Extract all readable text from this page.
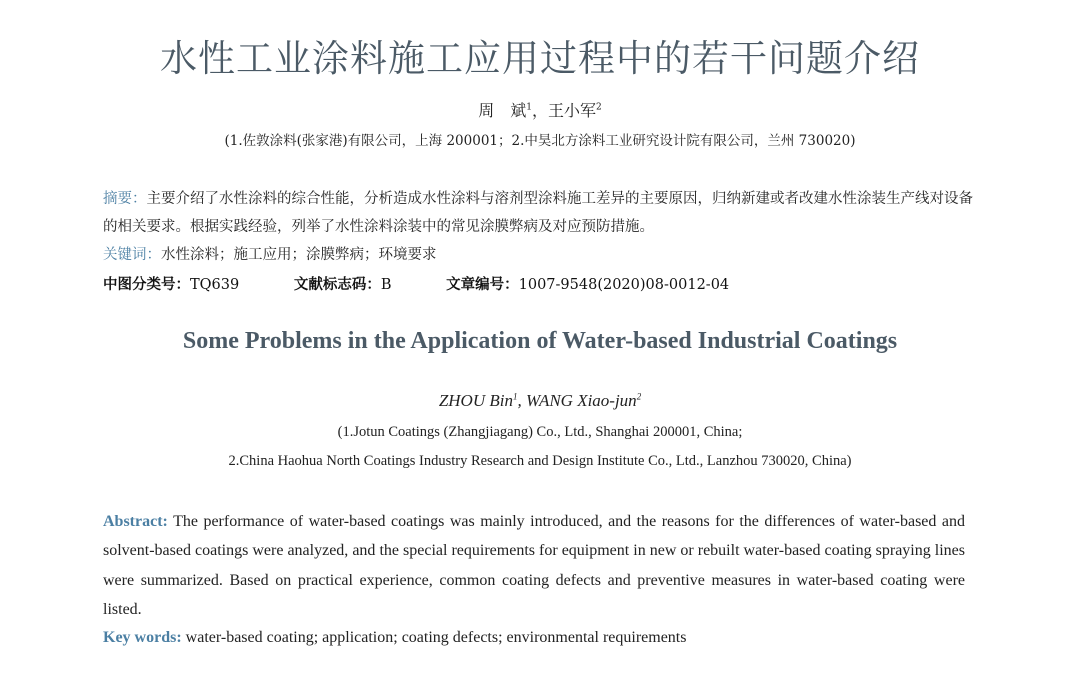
水性工业涂料施工应用过程中的若干问题介绍
周　斌$^1$，王小军$^2$
(1.佐敦涂料(张家港)有限公司，上海 200001；2.中昊北方涂料工业研究设计院有限公司，兰州 730020)
摘要：主要介绍了水性涂料的综合性能，分析造成水性涂料与溶剂型涂料施工差异的主要原因，归纳新建或者改建水性涂装生产线对设备的相关要求。根据实践经验，列举了水性涂料涂装中的常见涂膜弊病及对应预防措施。
关键词：水性涂料；施工应用；涂膜弊病；环境要求
中图分类号：TQ639	文献标志码：B	文章编号：1007-9548(2020)08-0012-04
Some Problems in the Application of Water-based Industrial Coatings
ZHOU Bin$^1$, WANG Xiao-jun$^2$
(1.Jotun Coatings (Zhangjiagang) Co., Ltd., Shanghai 200001, China;
2.China Haohua North Coatings Industry Research and Design Institute Co., Ltd., Lanzhou 730020, China)
Abstract: The performance of water-based coatings was mainly introduced, and the reasons for the differences of water-based and solvent-based coatings were analyzed, and the special requirements for equipment in new or rebuilt water-based coating spraying lines were summarized. Based on practical experience, common coating defects and preventive measures in water-based coating were listed.
Key words: water-based coating; application; coating defects; environmental requirements
